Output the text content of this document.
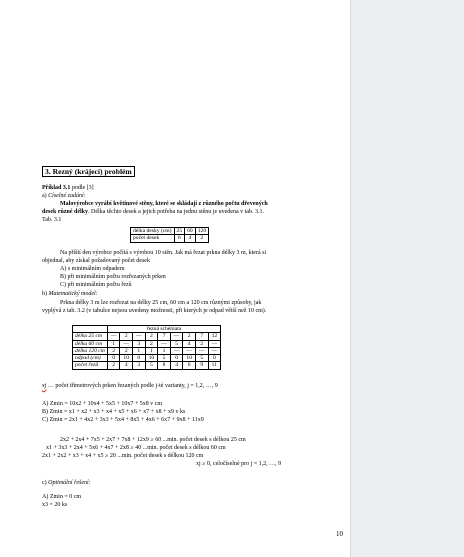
3. Rezný (krájecí) problém
Příklad 3.1 podle [3]
a) Císelné zadání:
Malovýrobce vyrábí květinové stěny, které se skládají z různého počtu dřevených
desek různé délky. Délka těchto desek a jejich potřeba na jednu stěnu je uvedena v tab. 3.1.
Tab. 3.1
délka desky (cm)	25	60	120
počet desek	6	4	2
Na příští den výrobce počítá s výrobou 10 stěn. Jak má řezat prkna délky 3 m, která si
objednal, aby získal požadovaný počet desek
A) s minimálním odpadem
B) při minimálním počtu rozřezaných prken
C) při minimálním počtu řezů
b) Matematický model:
Prkna délky 3 m lze rozřezat na délky 25 cm, 60 cm a 120 cm různými způsoby, jak
vyplývá z tab. 3.2 (v tabulce nejsou uvedeny možnosti, při kterých je odpad větší než 10 cm).
	řezná schémata								
délka 25 cm	—	2	—	2	7	—	2	7	12
délka 60 cm	1	—	3	2	—	5	4	2	—
délka 120 cm	2	2	1	1	1	—	—	—	—
odpad (cm)	0	10	0	10	5	0	10	5	0
počet řezů	2	4	3	5	8	4	6	9	11
xj … počet třímetrových prken řezaných podle j-té varianty, j = 1,2, …, 9
A) Zmin = 10x2 + 10x4 + 5x5 + 10x7 + 5x8 v cm
B) Zmin = x1 + x2 + x3 + x4 + x5 + x6 + x7 + x8 + x9 v ks
C) Zmin = 2x1 + 4x2 + 3x3 + 5x4 + 8x5 + 4x6 + 6x7 + 9x8 + 11x9
2x2 + 2x4 + 7x5 + 2x7 + 7x8 + 12x9 ≥ 60 ...min. počet desek s délkou 25 cm
x1 + 3x3 + 2x4 + 5x6 + 4x7 + 2x8 ≥ 40 ...min. počet desek s délkou 60 cm
2x1 + 2x2 + x3 + x4 + x5 ≥ 20 ...min. počet desek s délkou 120 cm
xj ≥ 0, celočíselné pro j = 1,2, …, 9
c) Optimální řešení:
A) Zmin = 0 cm
x3 = 20 ks
10
